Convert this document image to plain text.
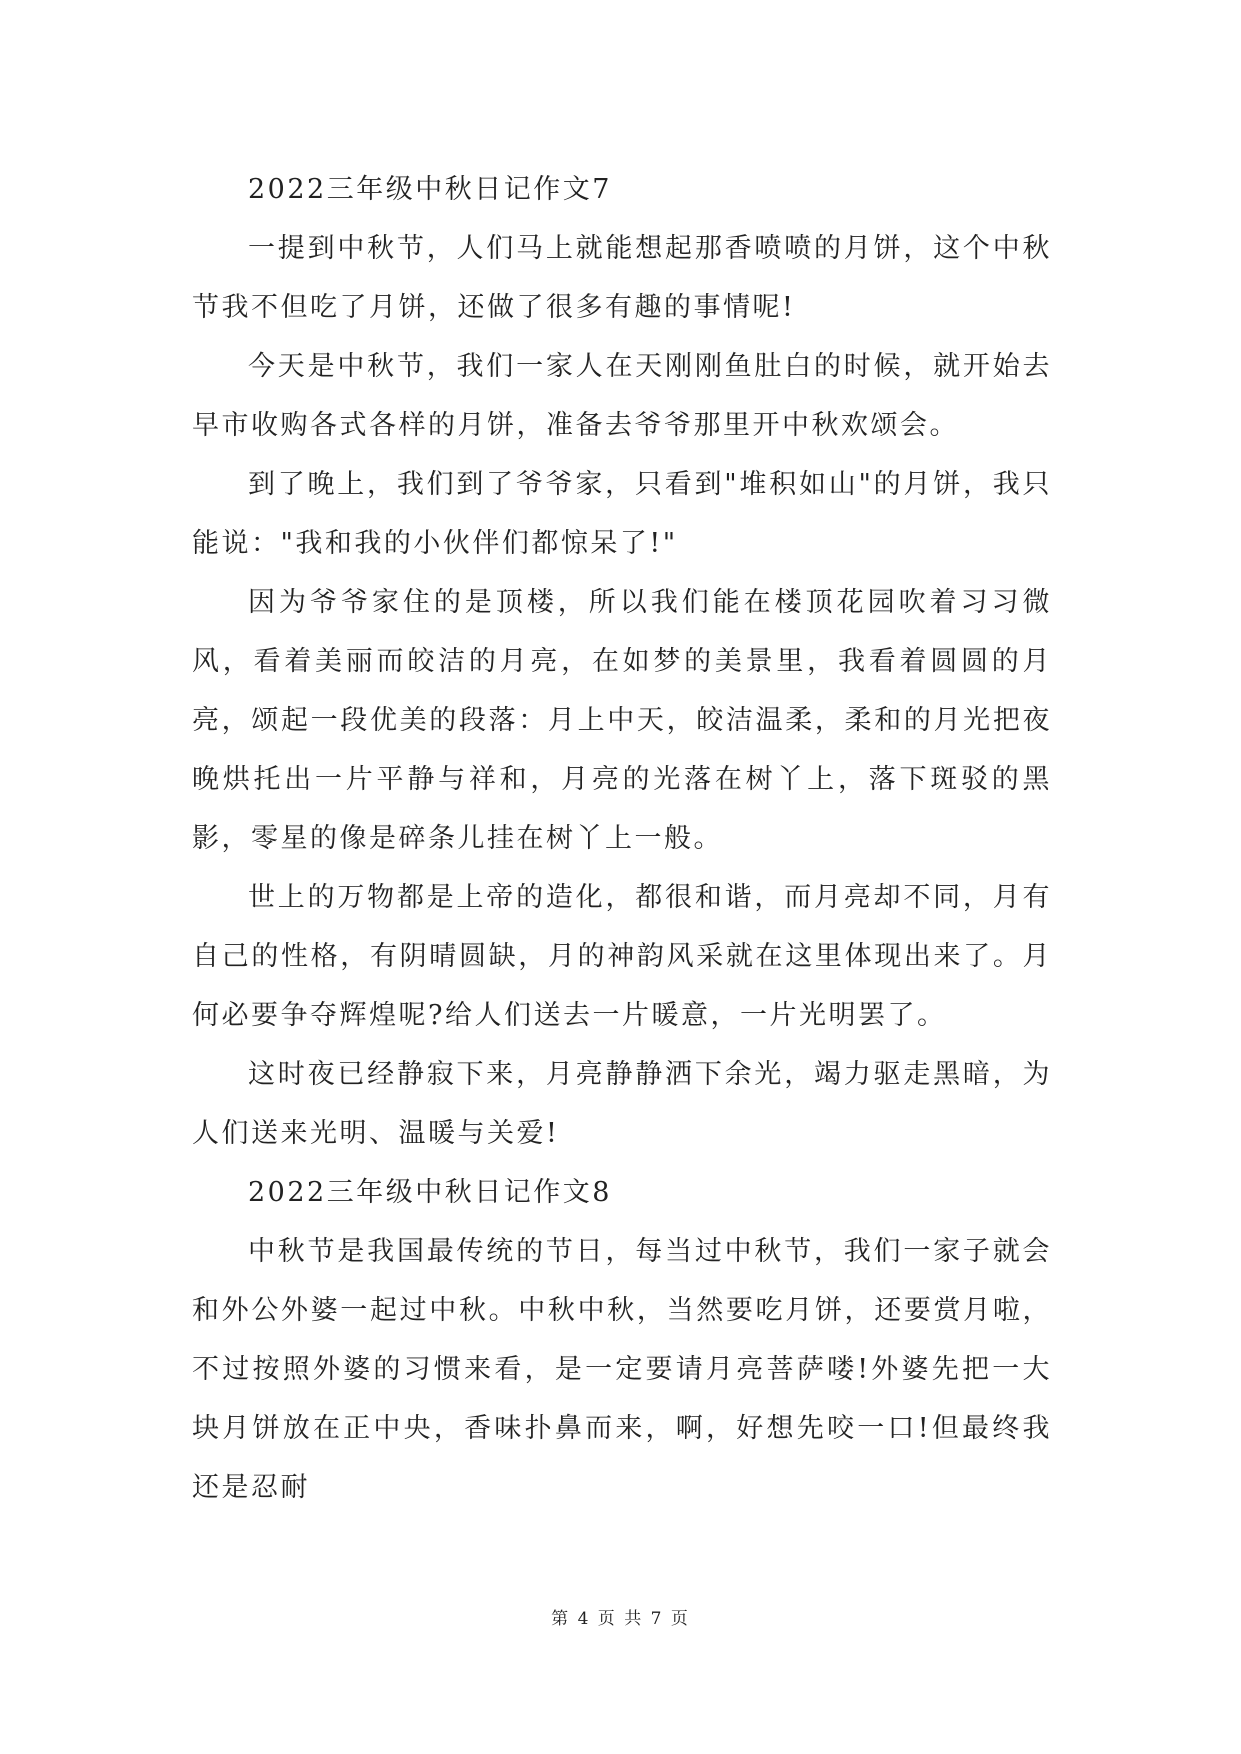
2022三年级中秋日记作文7

一提到中秋节，人们马上就能想起那香喷喷的月饼，这个中秋节我不但吃了月饼，还做了很多有趣的事情呢!

今天是中秋节，我们一家人在天刚刚鱼肚白的时候，就开始去早市收购各式各样的月饼，准备去爷爷那里开中秋欢颂会。

到了晚上，我们到了爷爷家，只看到"堆积如山"的月饼，我只能说："我和我的小伙伴们都惊呆了!"

因为爷爷家住的是顶楼，所以我们能在楼顶花园吹着习习微风，看着美丽而皎洁的月亮，在如梦的美景里，我看着圆圆的月亮，颂起一段优美的段落：月上中天，皎洁温柔，柔和的月光把夜晚烘托出一片平静与祥和，月亮的光落在树丫上，落下斑驳的黑影，零星的像是碎条儿挂在树丫上一般。

世上的万物都是上帝的造化，都很和谐，而月亮却不同，月有自己的性格，有阴晴圆缺，月的神韵风采就在这里体现出来了。月何必要争夺辉煌呢?给人们送去一片暖意，一片光明罢了。

这时夜已经静寂下来，月亮静静洒下余光，竭力驱走黑暗，为人们送来光明、温暖与关爱!

2022三年级中秋日记作文8

中秋节是我国最传统的节日，每当过中秋节，我们一家子就会和外公外婆一起过中秋。中秋中秋，当然要吃月饼，还要赏月啦，不过按照外婆的习惯来看，是一定要请月亮菩萨喽!外婆先把一大块月饼放在正中央，香味扑鼻而来，啊，好想先咬一口!但最终我还是忍耐

第 4 页 共 7 页
